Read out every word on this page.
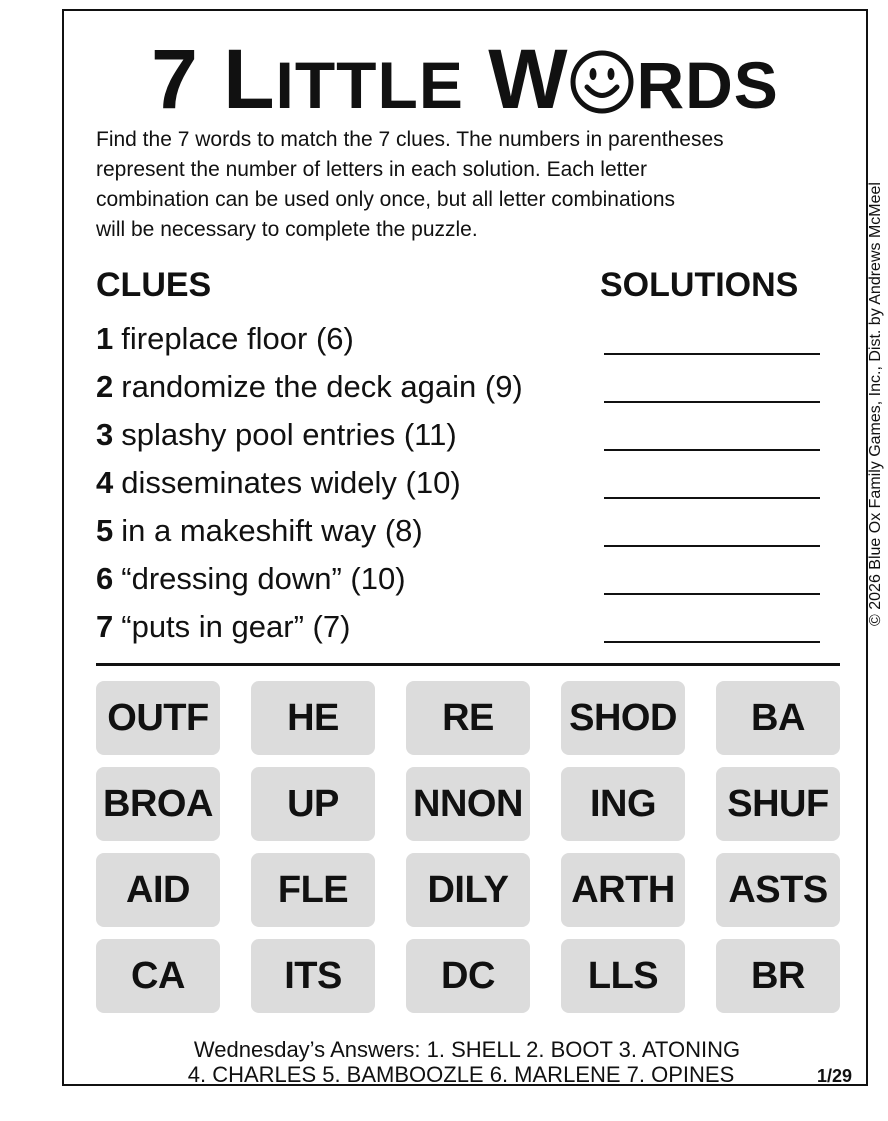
7 LITTLE W RDS
Find the 7 words to match the 7 clues. The numbers in parentheses
represent the number of letters in each solution. Each letter
combination can be used only once, but all letter combinations
will be necessary to complete the puzzle.	© 2026 Blue Ox Family Games, Inc., Dist. by Andrews McMeel
CLUES	SOLUTIONS
1 fireplace floor (6)
2 randomize the deck again (9)
3 splashy pool entries (11)
4 disseminates widely (10)
5 in a makeshift way (8)
6 “dressing down” (10)
7 “puts in gear” (7)
OUTF	HE	RE	SHOD	BA
BROA	UP	NNON	ING	SHUF
AID	FLE	DILY	ARTH	ASTS
CA	ITS	DC	LLS	BR
Wednesday’s Answers: 1. SHELL 2. BOOT 3. ATONING
4. CHARLES 5. BAMBOOZLE 6. MARLENE 7. OPINES	1/29
